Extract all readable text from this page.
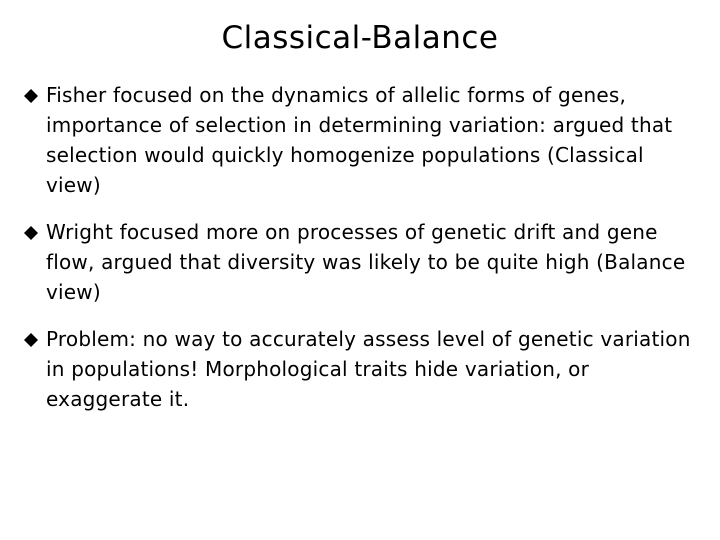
Classical-Balance
Fisher focused on the dynamics of allelic forms of genes, importance of selection in determining variation: argued that selection would quickly homogenize populations (Classical view)
Wright focused more on processes of genetic drift and gene flow, argued that diversity was likely to be quite high (Balance view)
Problem: no way to accurately assess level of genetic variation in populations! Morphological traits hide variation, or exaggerate it.
